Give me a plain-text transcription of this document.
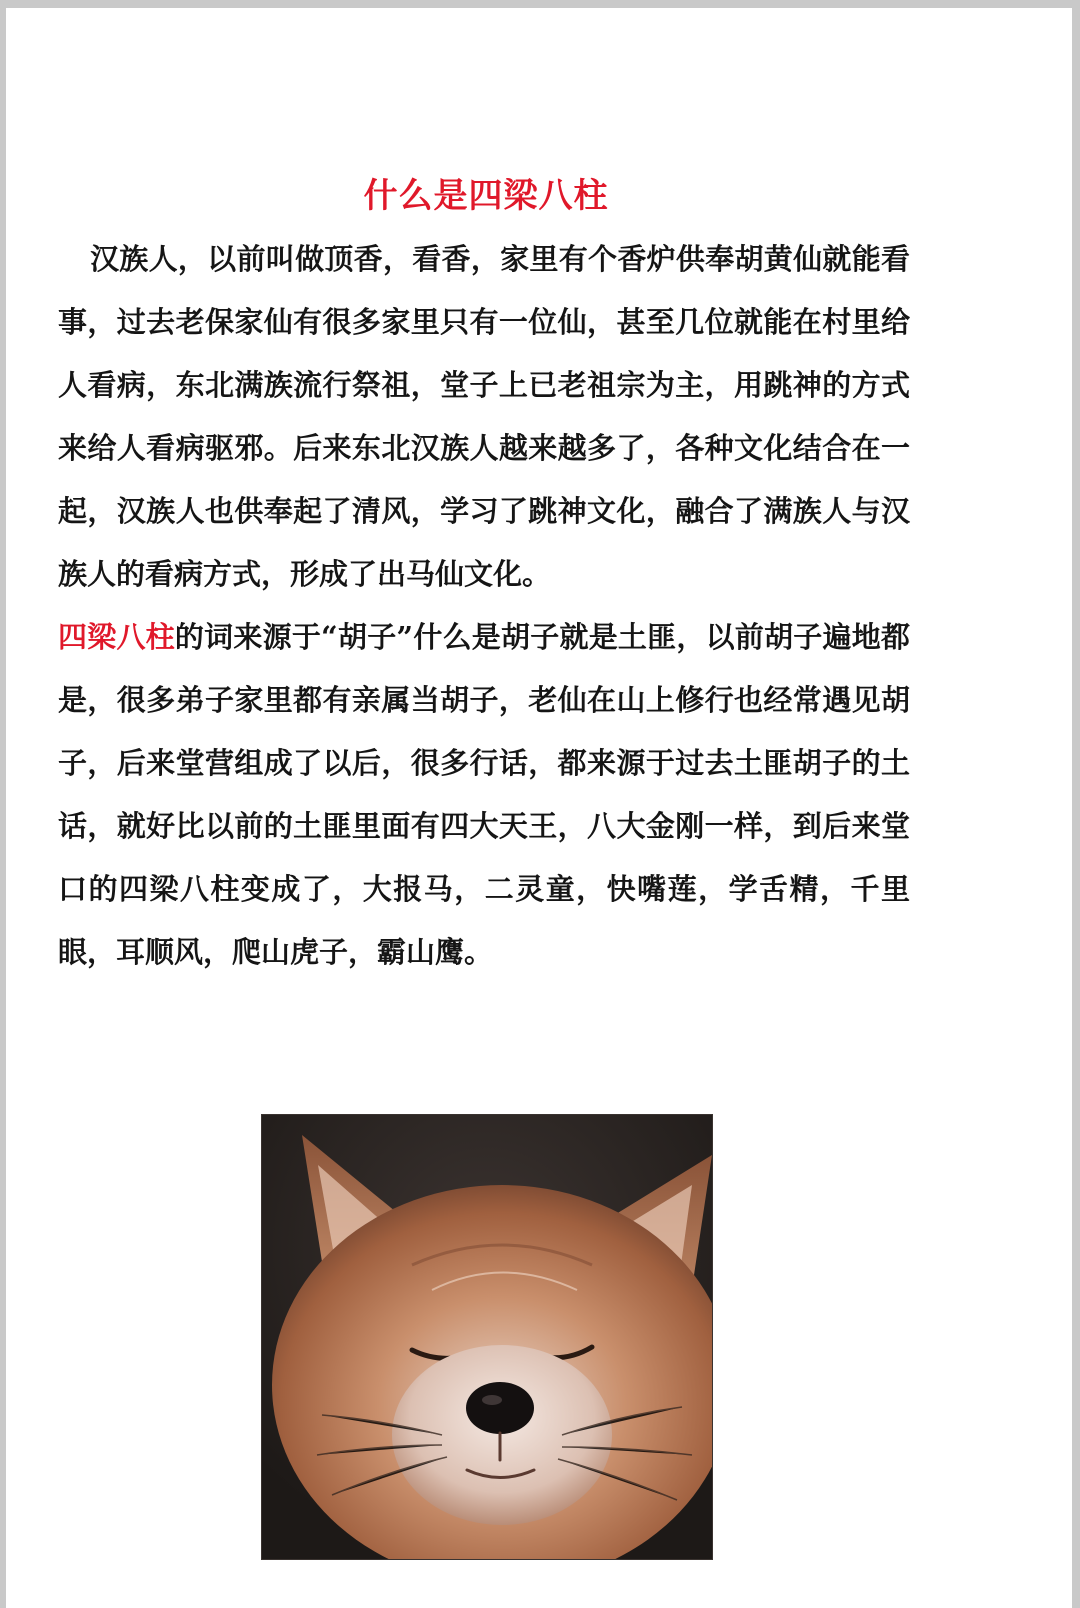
什么是四梁八柱

汉族人，以前叫做顶香，看香，家里有个香炉供奉胡黄仙就能看事，过去老保家仙有很多家里只有一位仙，甚至几位就能在村里给人看病，东北满族流行祭祖，堂子上已老祖宗为主，用跳神的方式来给人看病驱邪。后来东北汉族人越来越多了，各种文化结合在一起，汉族人也供奉起了清风，学习了跳神文化，融合了满族人与汉族人的看病方式，形成了出马仙文化。

四梁八柱的词来源于“胡子”什么是胡子就是土匪，以前胡子遍地都是，很多弟子家里都有亲属当胡子，老仙在山上修行也经常遇见胡子，后来堂营组成了以后，很多行话，都来源于过去土匪胡子的土话，就好比以前的土匪里面有四大天王，八大金刚一样，到后来堂口的四梁八柱变成了，大报马，二灵童，快嘴莲，学舌精，千里眼，耳顺风，爬山虎子，霸山鹰。
